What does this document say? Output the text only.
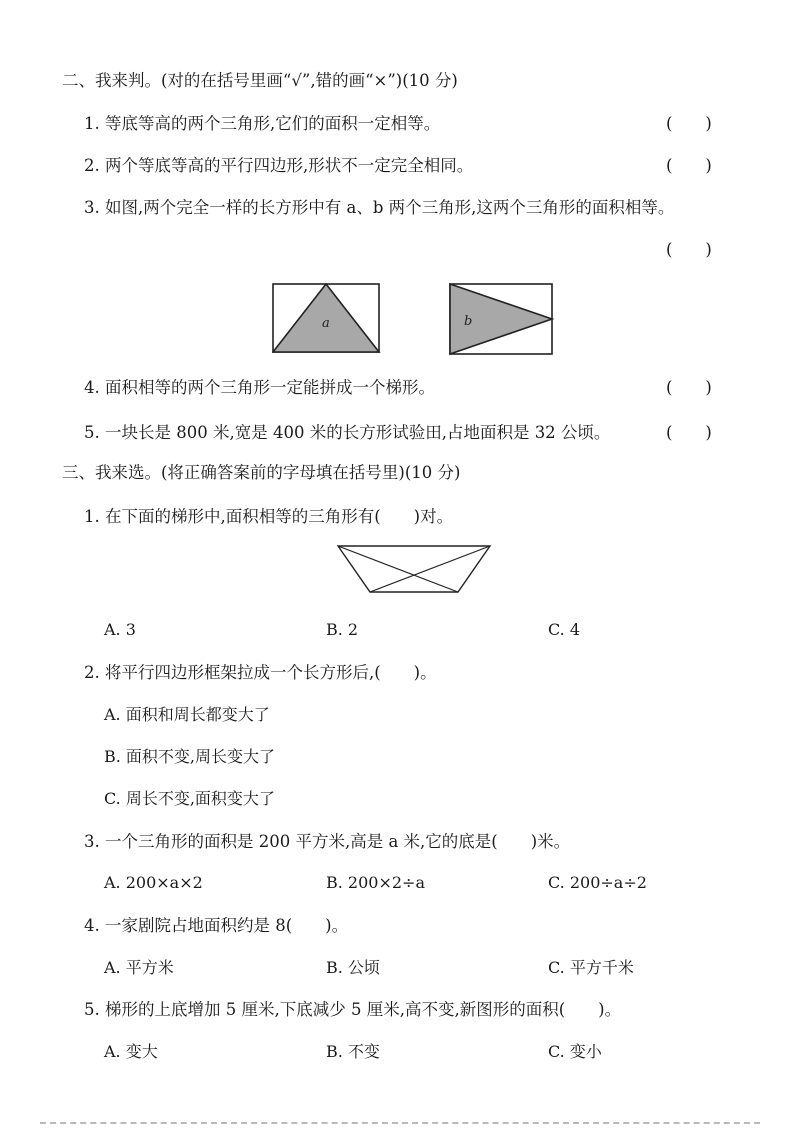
二、我来判。(对的在括号里画“√”,错的画“×”)(10 分)
1. 等底等高的两个三角形,它们的面积一定相等。	(　　)
2. 两个等底等高的平行四边形,形状不一定完全相同。	(　　)
3. 如图,两个完全一样的长方形中有 a、b 两个三角形,这两个三角形的面积相等。
(　　)
a	b
4. 面积相等的两个三角形一定能拼成一个梯形。	(　　)
5. 一块长是 800 米,宽是 400 米的长方形试验田,占地面积是 32 公顷。	(　　)
三、我来选。(将正确答案前的字母填在括号里)(10 分)
1. 在下面的梯形中,面积相等的三角形有(　　)对。
A. 3	B. 2	C. 4
2. 将平行四边形框架拉成一个长方形后,(　　)。
A. 面积和周长都变大了
B. 面积不变,周长变大了
C. 周长不变,面积变大了
3. 一个三角形的面积是 200 平方米,高是 a 米,它的底是(　　)米。
A. 200×a×2	B. 200×2÷a	C. 200÷a÷2
4. 一家剧院占地面积约是 8(　　)。
A. 平方米	B. 公顷	C. 平方千米
5. 梯形的上底增加 5 厘米,下底减少 5 厘米,高不变,新图形的面积(　　)。
A. 变大	B. 不变	C. 变小
